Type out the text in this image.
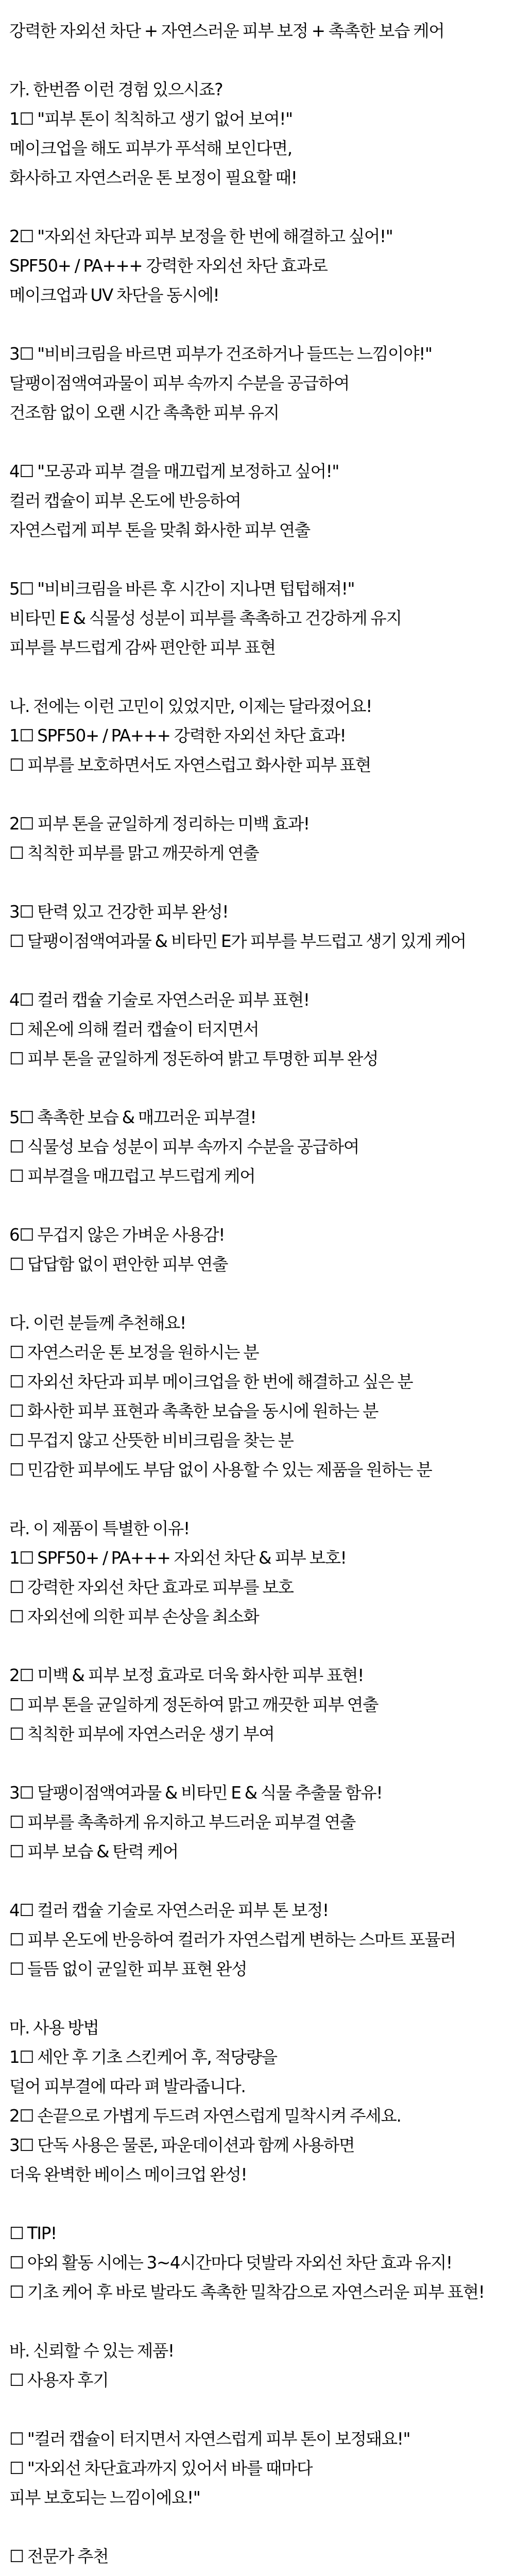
강력한 자외선 차단 + 자연스러운 피부 보정 + 촉촉한 보습 케어
가. 한번쯤 이런 경험 있으시죠?
1☐ "피부 톤이 칙칙하고 생기 없어 보여!"
메이크업을 해도 피부가 푸석해 보인다면,
화사하고 자연스러운 톤 보정이 필요할 때!
2☐ "자외선 차단과 피부 보정을 한 번에 해결하고 싶어!"
SPF50+ / PA+++ 강력한 자외선 차단 효과로
메이크업과 UV 차단을 동시에!
3☐ "비비크림을 바르면 피부가 건조하거나 들뜨는 느낌이야!"
달팽이점액여과물이 피부 속까지 수분을 공급하여
건조함 없이 오랜 시간 촉촉한 피부 유지
4☐ "모공과 피부 결을 매끄럽게 보정하고 싶어!"
컬러 캡슐이 피부 온도에 반응하여
자연스럽게 피부 톤을 맞춰 화사한 피부 연출
5☐ "비비크림을 바른 후 시간이 지나면 텁텁해져!"
비타민 E & 식물성 성분이 피부를 촉촉하고 건강하게 유지
피부를 부드럽게 감싸 편안한 피부 표현
나. 전에는 이런 고민이 있었지만, 이제는 달라졌어요!
1☐ SPF50+ / PA+++ 강력한 자외선 차단 효과!
☐ 피부를 보호하면서도 자연스럽고 화사한 피부 표현
2☐ 피부 톤을 균일하게 정리하는 미백 효과!
☐ 칙칙한 피부를 맑고 깨끗하게 연출
3☐ 탄력 있고 건강한 피부 완성!
☐ 달팽이점액여과물 & 비타민 E가 피부를 부드럽고 생기 있게 케어
4☐ 컬러 캡슐 기술로 자연스러운 피부 표현!
☐ 체온에 의해 컬러 캡슐이 터지면서
☐ 피부 톤을 균일하게 정돈하여 밝고 투명한 피부 완성
5☐ 촉촉한 보습 & 매끄러운 피부결!
☐ 식물성 보습 성분이 피부 속까지 수분을 공급하여
☐ 피부결을 매끄럽고 부드럽게 케어
6☐ 무겁지 않은 가벼운 사용감!
☐ 답답함 없이 편안한 피부 연출
다. 이런 분들께 추천해요!
☐ 자연스러운 톤 보정을 원하시는 분
☐ 자외선 차단과 피부 메이크업을 한 번에 해결하고 싶은 분
☐ 화사한 피부 표현과 촉촉한 보습을 동시에 원하는 분
☐ 무겁지 않고 산뜻한 비비크림을 찾는 분
☐ 민감한 피부에도 부담 없이 사용할 수 있는 제품을 원하는 분
라. 이 제품이 특별한 이유!
1☐ SPF50+ / PA+++ 자외선 차단 & 피부 보호!
☐ 강력한 자외선 차단 효과로 피부를 보호
☐ 자외선에 의한 피부 손상을 최소화
2☐ 미백 & 피부 보정 효과로 더욱 화사한 피부 표현!
☐ 피부 톤을 균일하게 정돈하여 맑고 깨끗한 피부 연출
☐ 칙칙한 피부에 자연스러운 생기 부여
3☐ 달팽이점액여과물 & 비타민 E & 식물 추출물 함유!
☐ 피부를 촉촉하게 유지하고 부드러운 피부결 연출
☐ 피부 보습 & 탄력 케어
4☐ 컬러 캡슐 기술로 자연스러운 피부 톤 보정!
☐ 피부 온도에 반응하여 컬러가 자연스럽게 변하는 스마트 포뮬러
☐ 들뜸 없이 균일한 피부 표현 완성
마. 사용 방법
1☐ 세안 후 기초 스킨케어 후, 적당량을
덜어 피부결에 따라 펴 발라줍니다.
2☐ 손끝으로 가볍게 두드려 자연스럽게 밀착시켜 주세요.
3☐ 단독 사용은 물론, 파운데이션과 함께 사용하면
더욱 완벽한 베이스 메이크업 완성!
☐ TIP!
☐ 야외 활동 시에는 3~4시간마다 덧발라 자외선 차단 효과 유지!
☐ 기초 케어 후 바로 발라도 촉촉한 밀착감으로 자연스러운 피부 표현!
바. 신뢰할 수 있는 제품!
☐ 사용자 후기
☐ "컬러 캡슐이 터지면서 자연스럽게 피부 톤이 보정돼요!"
☐ "자외선 차단효과까지 있어서 바를 때마다
피부 보호되는 느낌이에요!"
☐ 전문가 추천
